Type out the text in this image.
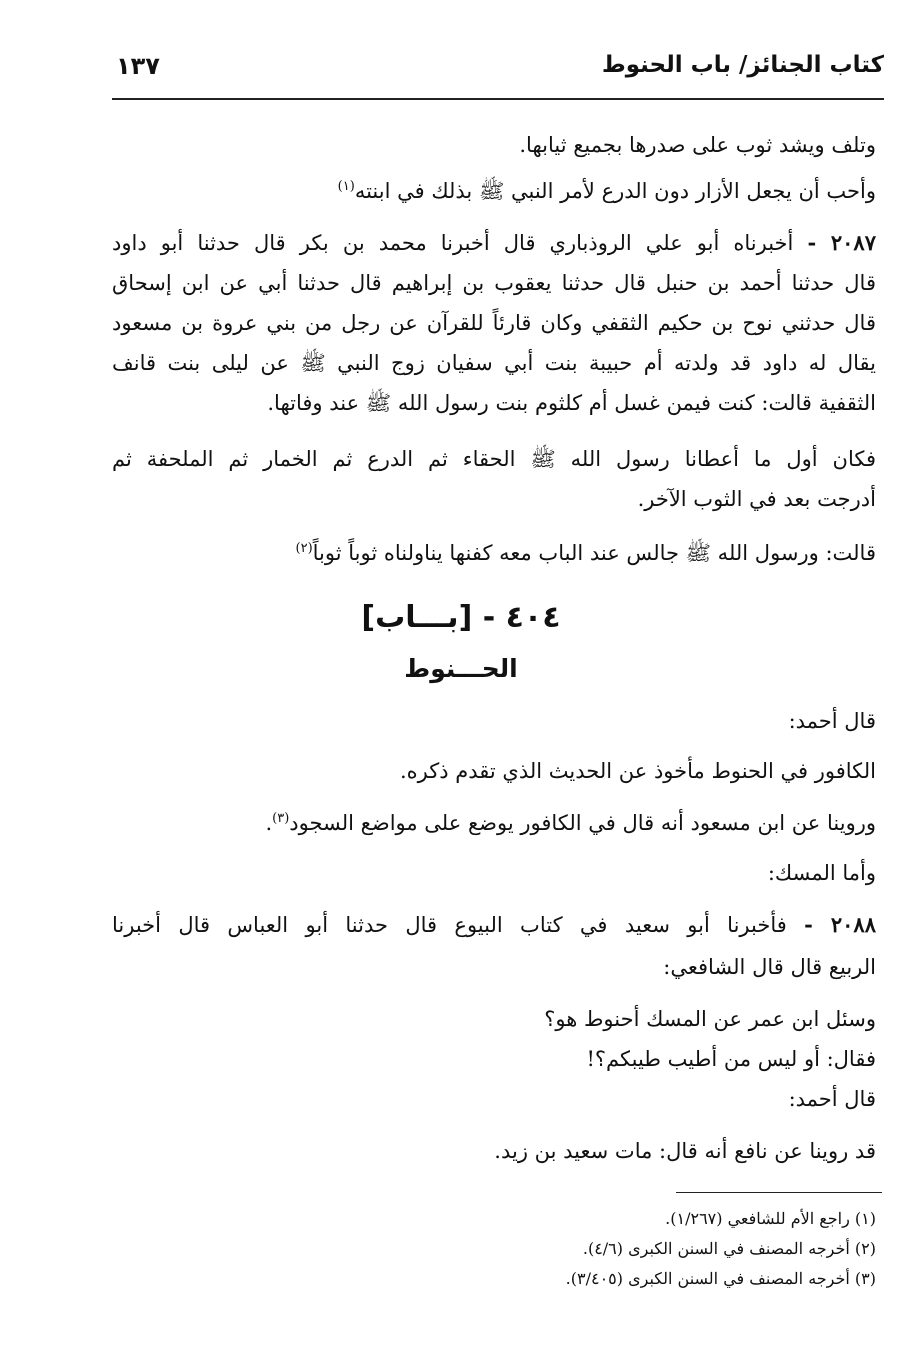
كتاب الجنائز/ باب الحنوط
١٣٧
وتلف ويشد ثوب على صدرها بجميع ثيابها.
وأحب أن يجعل الأزار دون الدرع لأمر النبي ﷺ بذلك في ابنته$^{(١)}$
٢٠٨٧ - أخبرناه أبو علي الروذباري قال أخبرنا محمد بن بكر قال حدثنا أبو داود
قال حدثنا أحمد بن حنبل قال حدثنا يعقوب بن إبراهيم قال حدثنا أبي عن ابن إسحاق
قال حدثني نوح بن حكيم الثقفي وكان قارئاً للقرآن عن رجل من بني عروة بن مسعود
يقال له داود قد ولدته أم حبيبة بنت أبي سفيان زوج النبي ﷺ عن ليلى بنت قانف
الثقفية قالت: كنت فيمن غسل أم كلثوم بنت رسول الله ﷺ عند وفاتها.
فكان أول ما أعطانا رسول الله ﷺ الحقاء ثم الدرع ثم الخمار ثم الملحفة ثم
أدرجت بعد في الثوب الآخر.
قالت: ورسول الله ﷺ جالس عند الباب معه كفنها يناولناه ثوباً ثوباً$^{(٢)}$
٤٠٤ - [بـــاب]
الحـــنوط
قال أحمد:
الكافور في الحنوط مأخوذ عن الحديث الذي تقدم ذكره.
وروينا عن ابن مسعود أنه قال في الكافور يوضع على مواضع السجود$^{(٣)}$.
وأما المسك:
٢٠٨٨ - فأخبرنا أبو سعيد في كتاب البيوع قال حدثنا أبو العباس قال أخبرنا
الربيع قال قال الشافعي:
وسئل ابن عمر عن المسك أحنوط هو؟
فقال: أو ليس من أطيب طيبكم؟!
قال أحمد:
قد روينا عن نافع أنه قال: مات سعيد بن زيد.
(١) راجع الأم للشافعي (١/٢٦٧).
(٢) أخرجه المصنف في السنن الكبرى (٤/٦).
(٣) أخرجه المصنف في السنن الكبرى (٣/٤٠٥).
